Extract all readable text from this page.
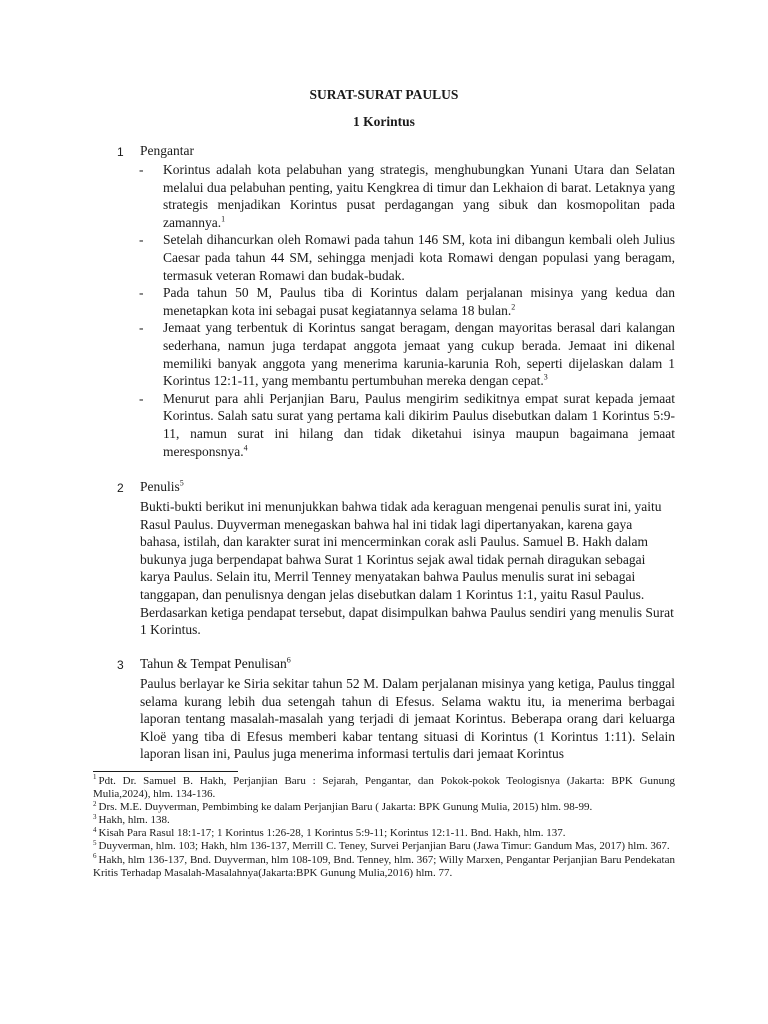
SURAT-SURAT PAULUS
1 Korintus
1 Pengantar
- Korintus adalah kota pelabuhan yang strategis, menghubungkan Yunani Utara dan Selatan melalui dua pelabuhan penting, yaitu Kengkrea di timur dan Lekhaion di barat. Letaknya yang strategis menjadikan Korintus pusat perdagangan yang sibuk dan kosmopolitan pada zamannya.$^1$
- Setelah dihancurkan oleh Romawi pada tahun 146 SM, kota ini dibangun kembali oleh Julius Caesar pada tahun 44 SM, sehingga menjadi kota Romawi dengan populasi yang beragam, termasuk veteran Romawi dan budak-budak.
- Pada tahun 50 M, Paulus tiba di Korintus dalam perjalanan misinya yang kedua dan menetapkan kota ini sebagai pusat kegiatannya selama 18 bulan.$^2$
- Jemaat yang terbentuk di Korintus sangat beragam, dengan mayoritas berasal dari kalangan sederhana, namun juga terdapat anggota jemaat yang cukup berada. Jemaat ini dikenal memiliki banyak anggota yang menerima karunia-karunia Roh, seperti dijelaskan dalam 1 Korintus 12:1-11, yang membantu pertumbuhan mereka dengan cepat.$^3$
- Menurut para ahli Perjanjian Baru, Paulus mengirim sedikitnya empat surat kepada jemaat Korintus. Salah satu surat yang pertama kali dikirim Paulus disebutkan dalam 1 Korintus 5:9-11, namun surat ini hilang dan tidak diketahui isinya maupun bagaimana jemaat meresponsnya.$^4$
2 Penulis$^5$

Bukti-bukti berikut ini menunjukkan bahwa tidak ada keraguan mengenai penulis surat ini, yaitu Rasul Paulus. Duyverman menegaskan bahwa hal ini tidak lagi dipertanyakan, karena gaya bahasa, istilah, dan karakter surat ini mencerminkan corak asli Paulus. Samuel B. Hakh dalam bukunya juga berpendapat bahwa Surat 1 Korintus sejak awal tidak pernah diragukan sebagai karya Paulus. Selain itu, Merril Tenney menyatakan bahwa Paulus menulis surat ini sebagai tanggapan, dan penulisnya dengan jelas disebutkan dalam 1 Korintus 1:1, yaitu Rasul Paulus. Berdasarkan ketiga pendapat tersebut, dapat disimpulkan bahwa Paulus sendiri yang menulis Surat 1 Korintus.

3 Tahun & Tempat Penulisan$^6$

Paulus berlayar ke Siria sekitar tahun 52 M. Dalam perjalanan misinya yang ketiga, Paulus tinggal selama kurang lebih dua setengah tahun di Efesus. Selama waktu itu, ia menerima berbagai laporan tentang masalah-masalah yang terjadi di jemaat Korintus. Beberapa orang dari keluarga Kloë yang tiba di Efesus memberi kabar tentang situasi di Korintus (1 Korintus 1:11). Selain laporan lisan ini, Paulus juga menerima informasi tertulis dari jemaat Korintus

$^1$ Pdt. Dr. Samuel B. Hakh, Perjanjian Baru : Sejarah, Pengantar, dan Pokok-pokok Teologisnya (Jakarta: BPK Gunung Mulia,2024), hlm. 134-136.
$^2$ Drs. M.E. Duyverman, Pembimbing ke dalam Perjanjian Baru ( Jakarta: BPK Gunung Mulia, 2015) hlm. 98-99.
$^3$ Hakh, hlm. 138.
$^4$ Kisah Para Rasul 18:1-17; 1 Korintus 1:26-28, 1 Korintus 5:9-11; Korintus 12:1-11. Bnd. Hakh, hlm. 137.
$^5$ Duyverman, hlm. 103; Hakh, hlm 136-137, Merrill C. Teney, Survei Perjanjian Baru (Jawa Timur: Gandum Mas, 2017) hlm. 367.
$^6$ Hakh, hlm 136-137, Bnd. Duyverman, hlm 108-109, Bnd. Tenney, hlm. 367; Willy Marxen, Pengantar Perjanjian Baru Pendekatan Kritis Terhadap Masalah-Masalahnya(Jakarta:BPK Gunung Mulia,2016) hlm. 77.
